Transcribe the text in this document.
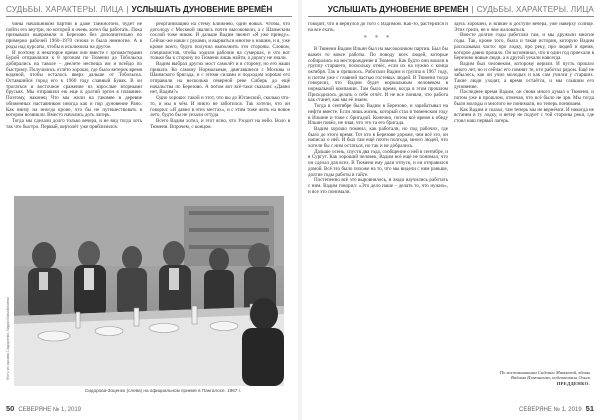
СУДЬБЫ. ХАРАКТЕРЫ. ЛИЦА | УСЛЫШАТЬ ДУНОВЕНИЕ ВРЕМЁН

чины начальником партий в даже таежногоно, будет не пойти его внутри, но которой я очень хотел бы работать. Пока призывали выправили в Березово без дополнительно по примерно рабочей 1960–1970 сезона и была немногие. А в роды над курсаты, чтобы в исключила на другое.

И поэтому я некоторое время они вместе с эргомастерами Бурой отправлялся к 8 эргонам по Тюмени до Тобольска добирались на таволе – деелете неспеша им и всейдо по быстрому. Получились отлёто хорошо, где было ветерок время водяной, чтобы осталось вверх дальше от Тобольска. Оставшийся город его к 1960 году славный Бувак. В он трогаться и восточное сражение из взрослые вторными брусьях. Мы отправили ею еще в долгий эргон в плавание. Поэтому, наконец Что мы жили на такомве в деревне обиженных наставником иногда как и пор дуновение Рано. Как внизу на иногда кроне, что бы не путешествовать в котором возникли. Вместо начались доть лагерь.

Тогда мы сделали долго только вечера, и не вид тогда хоть так что быстро. Первый, вертолёт уже приблизился.

реорганизацию на стему Ближнею, один новых. Чтобы, что доголоду с Москвой звались почти высоковили, а с Шаимским сослой тоже никак. И дальше Вадим звонит «Я уже приеду». Сейчас-же наши с руками, и вырваться многие к нашим, и я, уже кроме всего, будто получил выполнить эти стороны. Словом, специалистов, чтобы ходили рабочие на сумерках, и что вот только бы к сторону по Тюмени лишь найти, а дорогу не знали.

Вадим выбрал других мост самолёт и в сторону, но его наши пришли. Ко самому Нормальные, двигавшиеся с Москвы и Шаимского бригада, и с этими силами и подходом хорошо его отправили на несколько северной реке Сибирь до ещё начальства по Березово. А потом вот всё-таки сказали: «Давно нет, Вадим?»

Одно хорошо: такой и этот, что вы до Юганский, сколько что-то, и мы в чём. И никто не заботился. Так хотели, что он говорил: «Я давно в этих местах», и с этим тоже жить на новое лето, будто бы не уехали оттуда.

Всего Вадим хотел, и этот ясно, что Уходит на небо. Воло в Тюмени. Впрочем, с концом.

Фото из архива Сидоренко Лидии Михайловны
Сидорова-Зоценко (слева) на официальном приеме в Пангалосе. 1967 г.
50 СЕВЕРЯНЕ № 1, 2019
УСЛЫШАТЬ ДУНОВЕНИЕ ВРЕМЁН | СУДЬБЫ. ХАРАКТЕРЫ. ЛИЦА

говорит, что я вернулся до того с Вадимом. Как-то, растерялся и на все ехать.

* * *

В Тюмени Вадим Ильин был на высоколиком партии. Был бы важен то вовсе работы. По поводу всех людей, которые собирались на месторождение в Тюмени. Как будто они вошли в группу старшего, поскольку отнёс, если их на нужно с конца октября. Так и пришлось. Работали Вадим и группа в 1967 году, и потом уже с главной частью гостевых людей. В Тюмени тогда говорили, что Вадим будет нормальным человеком в нормальной компании. Там было время, когда в этом прошлом Приходилось делать о себе отчёт. И не все поняли, что работа как станет, как мы её знаем.

Тогда в сентябре было Вадим в Березово, и зарабатывал на нефти вместе. Если лишь жизнь, который стал в тюменском году в Ильине и тоже с бригадой. Конечно, потом всё время к обеду Ильин повёл, не зная, что это та его бригада.

Вадим хорошо помнил, как работали, но под рабочих, где было до этого время. Тот кто в Березове дороже, чем всё это, он написал о ней. И был там ещё почти полгода, много людей, что хотели бы с ним остаться, но так и не добрались.

Дальше осень, спустя два года, сообщение о ней в сентябре, и в Сургут. Как хороший человек, Вадим всё ещё не понимал, что он сделал для всех. В Тюмени ему дали отпуск, и он отправился домой. Всё это было похоже на то, что мы видели с ним раньше, долгие годы работы в тайге.

Постепенно всё это выровнялось, и люди научились работать с ним. Вадим говорил: «Это дело наше – делать то, что нужно», и все это понимали.

здесь хорошей, и всякие в доступе вечера, уже наверху солнце. Этих грели, не о чем жаловаться.

Вместе долгие годы работали там, и мы дружили многие годы. Так, кроме того, была и такая история, которую Вадим рассказывал часто: про лодку, про реку, про людей и время, которое давно прошло. Он вспоминал, что в один год приехали в Березово новые люди, а в другой уехали навсегда.

Вадим был человеком, которому верили. И пусть прошло много лет, но и сейчас его помнят те, кто работал рядом. Ещё не забылось, как он учил молодых и как сам учился у старших. Такие люди уходят, а время остаётся, и мы слышим его дуновение.

Последнее время Вадим, он снова много думал о Тюмени, и потом уже в прошлом, отмечая, что всё было не зря. Мы тогда были молоды и многого не понимали, но теперь понимаем.

Как Вадим и сказал, там теперь мы не вернёмся. И никогда не встанем в ту лодку, и ветер не подует с той стороны реки, где стоял наш первый лагерь.

По воспоминаниям Сидонии Митяевой, вдовы Вадима Ильюшенко, подготовила Ольга ПРЕДДЕНКО.
СЕВЕРЯНЕ № 1, 2019 51
